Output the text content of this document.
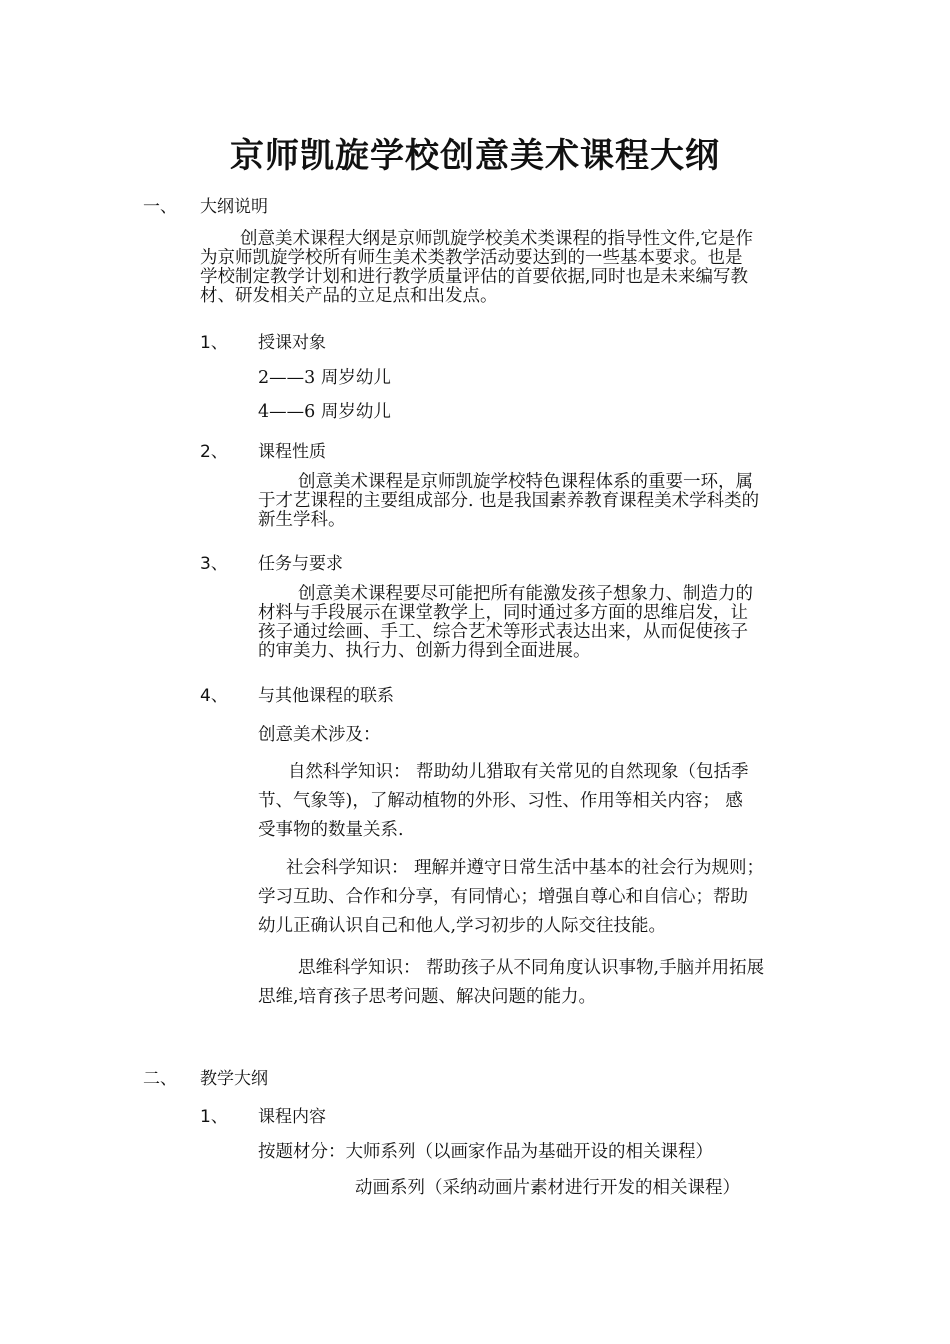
京师凯旋学校创意美术课程大纲
一、 大纲说明
创意美术课程大纲是京师凯旋学校美术类课程的指导性文件,它是作
为京师凯旋学校所有师生美术类教学活动要达到的一些基本要求。也是
学校制定教学计划和进行教学质量评估的首要依据,同时也是未来编写教
材、研发相关产品的立足点和出发点。
1、 授课对象
2——3 周岁幼儿
4——6 周岁幼儿
2、 课程性质
创意美术课程是京师凯旋学校特色课程体系的重要一环，属
于才艺课程的主要组成部分. 也是我国素养教育课程美术学科类的
新生学科。
3、 任务与要求
创意美术课程要尽可能把所有能激发孩子想象力、制造力的
材料与手段展示在课堂教学上，同时通过多方面的思维启发，让
孩子通过绘画、手工、综合艺术等形式表达出来，从而促使孩子
的审美力、执行力、创新力得到全面进展。
4、 与其他课程的联系
创意美术涉及：
自然科学知识： 帮助幼儿猎取有关常见的自然现象（包括季
节、气象等)，了解动植物的外形、习性、作用等相关内容； 感
受事物的数量关系.
社会科学知识： 理解并遵守日常生活中基本的社会行为规则；
学习互助、合作和分享，有同情心；增强自尊心和自信心；帮助
幼儿正确认识自己和他人,学习初步的人际交往技能。
思维科学知识： 帮助孩子从不同角度认识事物,手脑并用拓展
思维,培育孩子思考问题、解决问题的能力。
二、 教学大纲
1、 课程内容
按题材分：大师系列（以画家作品为基础开设的相关课程）
动画系列（采纳动画片素材进行开发的相关课程）
